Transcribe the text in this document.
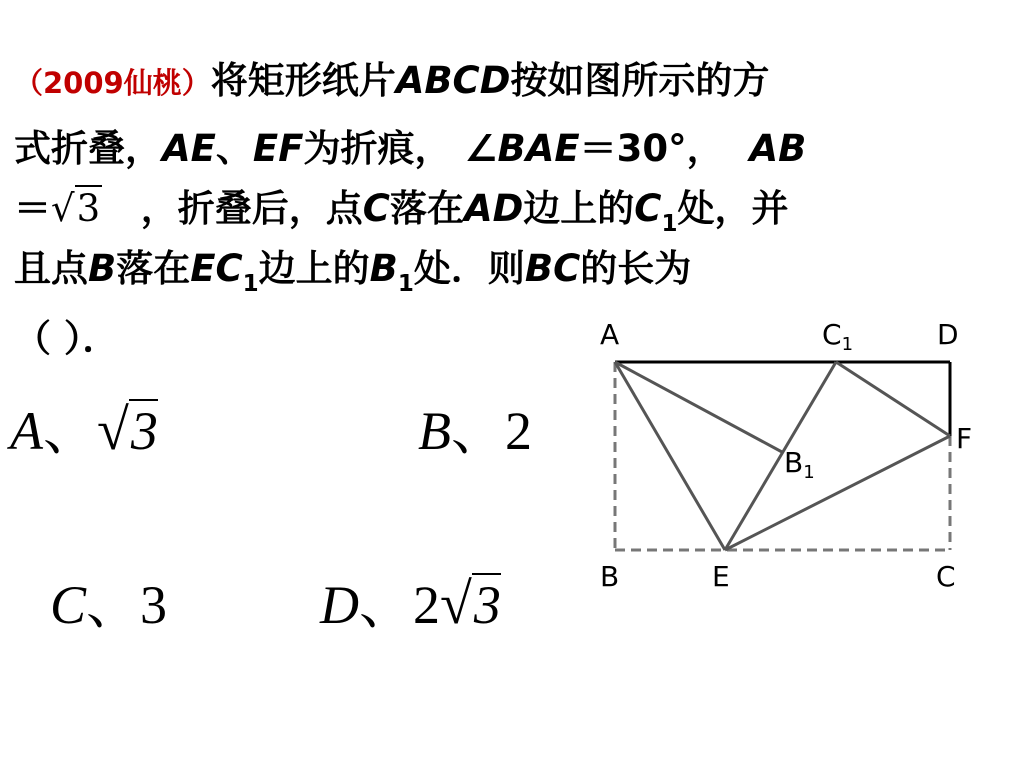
（2009仙桃）将矩形纸片ABCD按如图所示的方
式折叠，AE、EF为折痕， ∠BAE＝30°， AB
＝√3 ，折叠后，点C落在AD边上的$C_1$处，并
且点B落在$EC_1$边上的$B_1$处．则BC的长为
（ ）．
A、√3	B、2
C、3	D、2√3
A	$C_1$	D
F
$B_1$
B	E	C
